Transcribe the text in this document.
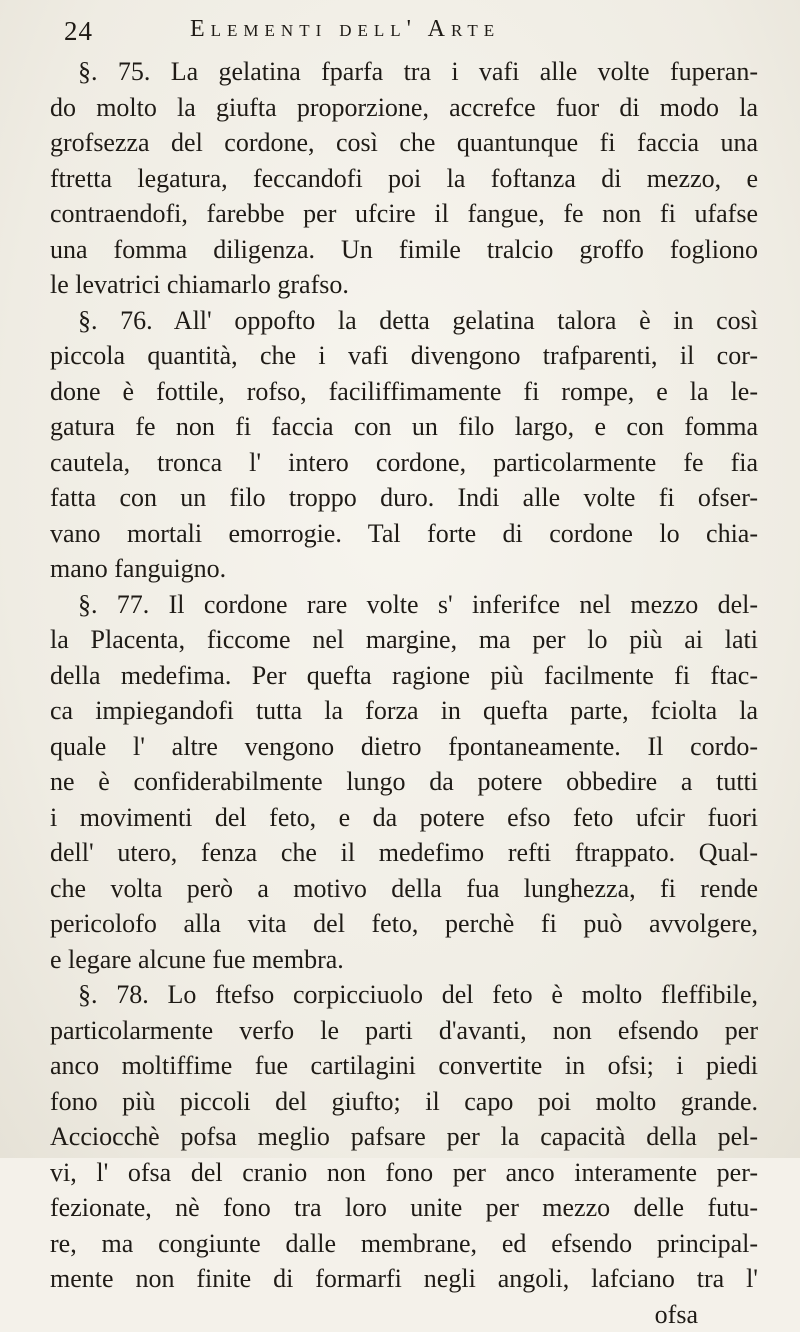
24	Elementi dell' Arte
§. 75. La gelatina fparfa tra i vafi alle volte fuperan-
do molto la giufta proporzione, accrefce fuor di modo la
grofsezza del cordone, così che quantunque fi faccia una
ftretta legatura, feccandofi poi la foftanza di mezzo, e
contraendofi, farebbe per ufcire il fangue, fe non fi ufafse
una fomma diligenza. Un fimile tralcio groffo fogliono
le levatrici chiamarlo grafso.
§. 76. All' oppofto la detta gelatina talora è in così
piccola quantità, che i vafi divengono trafparenti, il cor-
done è fottile, rofso, faciliffimamente fi rompe, e la le-
gatura fe non fi faccia con un filo largo, e con fomma
cautela, tronca l' intero cordone, particolarmente fe fia
fatta con un filo troppo duro. Indi alle volte fi ofser-
vano mortali emorrogie. Tal forte di cordone lo chia-
mano fanguigno.
§. 77. Il cordone rare volte s' inferifce nel mezzo del-
la Placenta, ficcome nel margine, ma per lo più ai lati
della medefima. Per quefta ragione più facilmente fi ftac-
ca impiegandofi tutta la forza in quefta parte, fciolta la
quale l' altre vengono dietro fpontaneamente. Il cordo-
ne è confiderabilmente lungo da potere obbedire a tutti
i movimenti del feto, e da potere efso feto ufcir fuori
dell' utero, fenza che il medefimo refti ftrappato. Qual-
che volta però a motivo della fua lunghezza, fi rende
pericolofo alla vita del feto, perchè fi può avvolgere,
e legare alcune fue membra.
§. 78. Lo ftefso corpicciuolo del feto è molto fleffibile,
particolarmente verfo le parti d'avanti, non efsendo per
anco moltiffime fue cartilagini convertite in ofsi; i piedi
fono più piccoli del giufto; il capo poi molto grande.
Acciocchè pofsa meglio pafsare per la capacità della pel-
vi, l' ofsa del cranio non fono per anco interamente per-
fezionate, nè fono tra loro unite per mezzo delle futu-
re, ma congiunte dalle membrane, ed efsendo principal-
mente non finite di formarfi negli angoli, lafciano tra l'
ofsa
